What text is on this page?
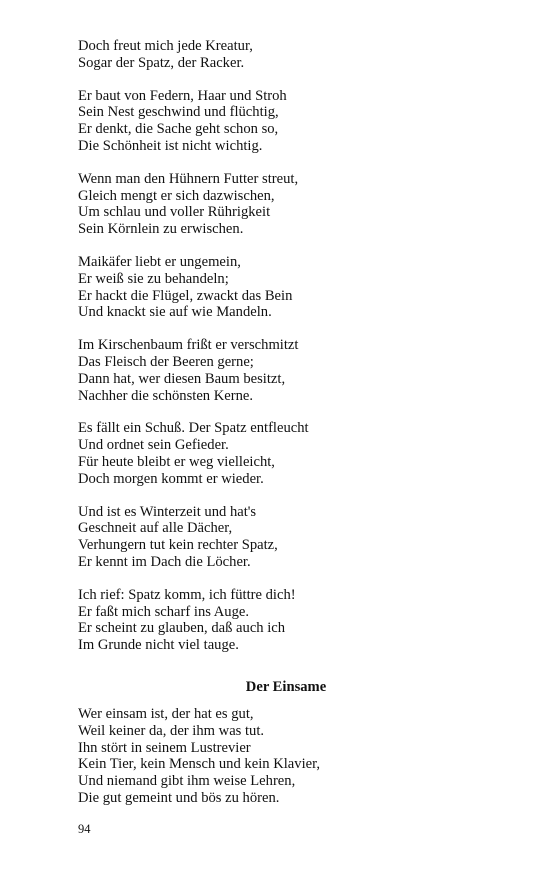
Doch freut mich jede Kreatur,
Sogar der Spatz, der Racker.
Er baut von Federn, Haar und Stroh
Sein Nest geschwind und flüchtig,
Er denkt, die Sache geht schon so,
Die Schönheit ist nicht wichtig.
Wenn man den Hühnern Futter streut,
Gleich mengt er sich dazwischen,
Um schlau und voller Rührigkeit
Sein Körnlein zu erwischen.
Maikäfer liebt er ungemein,
Er weiß sie zu behandeln;
Er hackt die Flügel, zwackt das Bein
Und knackt sie auf wie Mandeln.
Im Kirschenbaum frißt er verschmitzt
Das Fleisch der Beeren gerne;
Dann hat, wer diesen Baum besitzt,
Nachher die schönsten Kerne.
Es fällt ein Schuß. Der Spatz entfleucht
Und ordnet sein Gefieder.
Für heute bleibt er weg vielleicht,
Doch morgen kommt er wieder.
Und ist es Winterzeit und hat's
Geschneit auf alle Dächer,
Verhungern tut kein rechter Spatz,
Er kennt im Dach die Löcher.
Ich rief: Spatz komm, ich füttre dich!
Er faßt mich scharf ins Auge.
Er scheint zu glauben, daß auch ich
Im Grunde nicht viel tauge.
Der Einsame
Wer einsam ist, der hat es gut,
Weil keiner da, der ihm was tut.
Ihn stört in seinem Lustrevier
Kein Tier, kein Mensch und kein Klavier,
Und niemand gibt ihm weise Lehren,
Die gut gemeint und bös zu hören.
94
